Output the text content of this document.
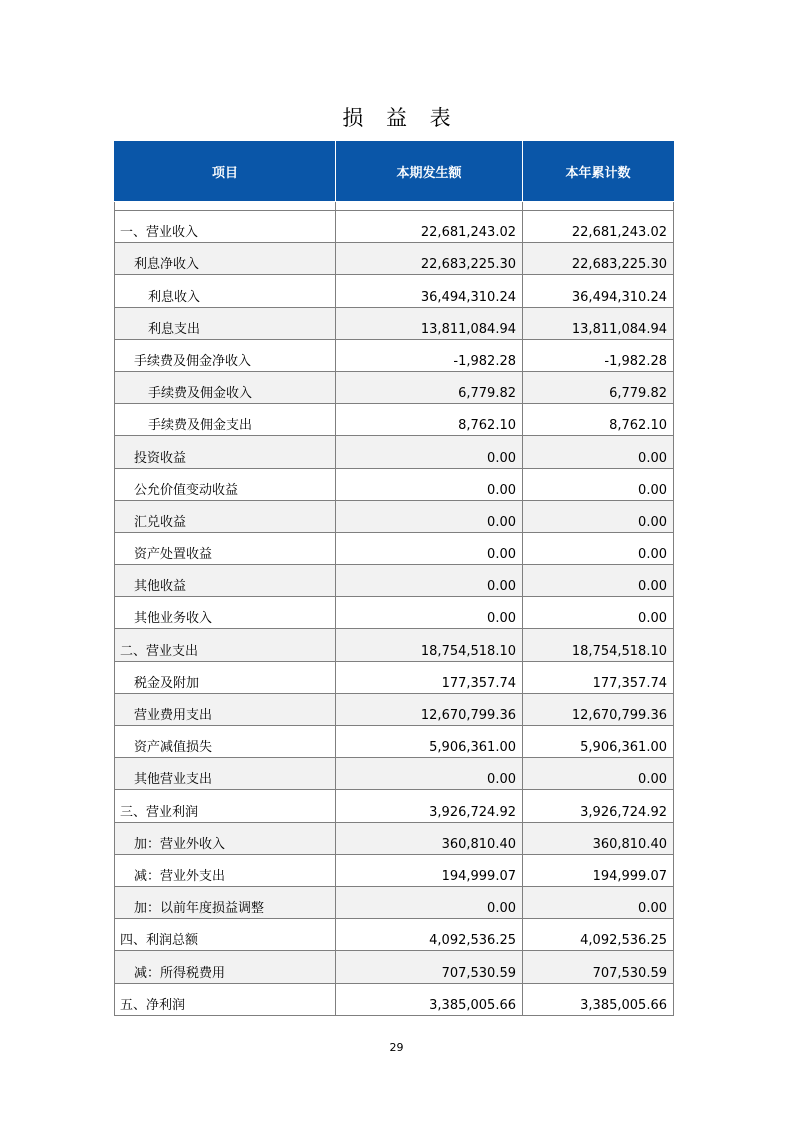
损 益 表
项目	本期发生额	本年累计数

一、营业收入	22,681,243.02	22,681,243.02
利息净收入	22,683,225.30	22,683,225.30
利息收入	36,494,310.24	36,494,310.24
利息支出	13,811,084.94	13,811,084.94
手续费及佣金净收入	-1,982.28	-1,982.28
手续费及佣金收入	6,779.82	6,779.82
手续费及佣金支出	8,762.10	8,762.10
投资收益	0.00	0.00
公允价值变动收益	0.00	0.00
汇兑收益	0.00	0.00
资产处置收益	0.00	0.00
其他收益	0.00	0.00
其他业务收入	0.00	0.00
二、营业支出	18,754,518.10	18,754,518.10
税金及附加	177,357.74	177,357.74
营业费用支出	12,670,799.36	12,670,799.36
资产减值损失	5,906,361.00	5,906,361.00
其他营业支出	0.00	0.00
三、营业利润	3,926,724.92	3,926,724.92
加：营业外收入	360,810.40	360,810.40
减：营业外支出	194,999.07	194,999.07
加：以前年度损益调整	0.00	0.00
四、利润总额	4,092,536.25	4,092,536.25
减：所得税费用	707,530.59	707,530.59
五、净利润	3,385,005.66	3,385,005.66
29
